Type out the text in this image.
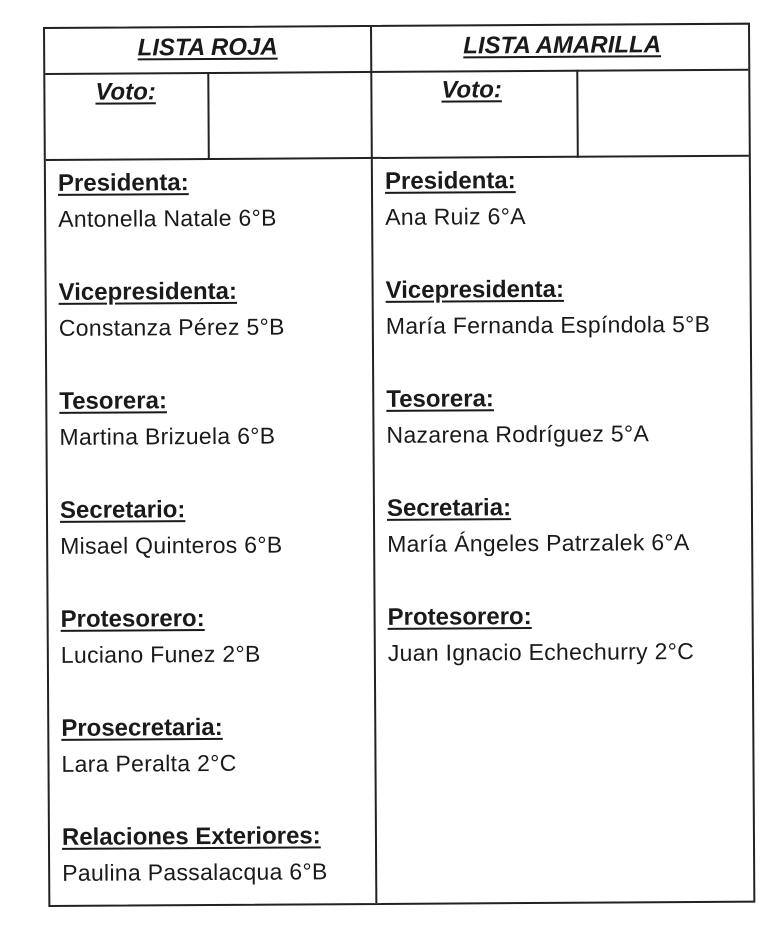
LISTA ROJA	LISTA AMARILLA
Voto:	Voto:
Presidenta:
Antonella Natale 6°B
Vicepresidenta:
Constanza Pérez 5°B
Tesorera:
Martina Brizuela 6°B
Secretario:
Misael Quinteros 6°B
Protesorero:
Luciano Funez 2°B
Prosecretaria:
Lara Peralta 2°C
Relaciones Exteriores:
Paulina Passalacqua 6°B
Presidenta:
Ana Ruiz 6°A
Vicepresidenta:
María Fernanda Espíndola 5°B
Tesorera:
Nazarena Rodríguez 5°A
Secretaria:
María Ángeles Patrzalek 6°A
Protesorero:
Juan Ignacio Echechurry 2°C
